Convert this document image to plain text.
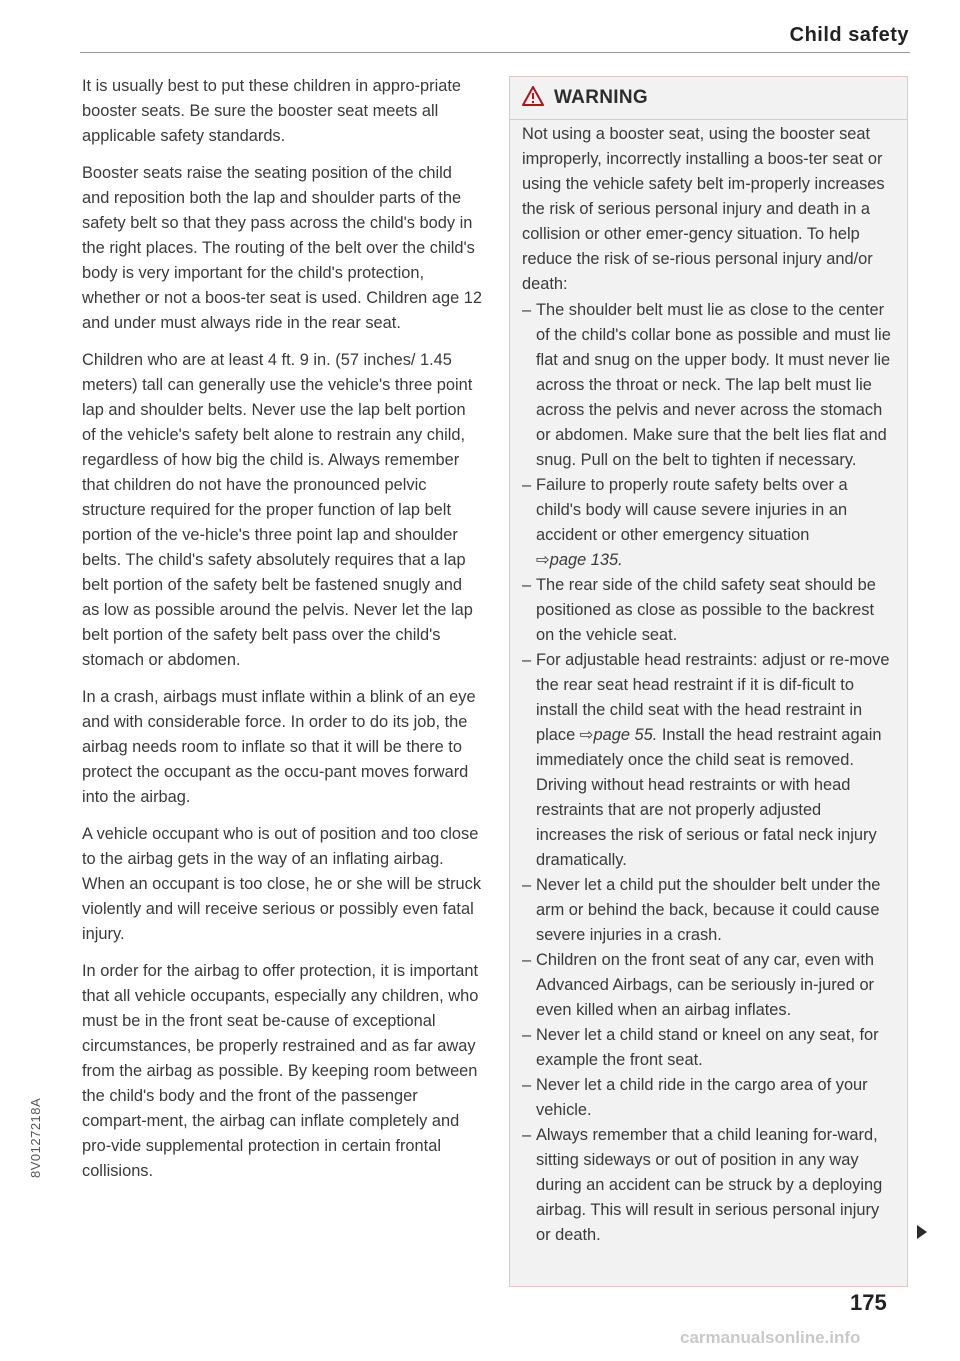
Child safety

It is usually best to put these children in appro-priate booster seats. Be sure the booster seat meets all applicable safety standards.

Booster seats raise the seating position of the child and reposition both the lap and shoulder parts of the safety belt so that they pass across the child's body in the right places. The routing of the belt over the child's body is very important for the child's protection, whether or not a boos-ter seat is used. Children age 12 and under must always ride in the rear seat.

Children who are at least 4 ft. 9 in. (57 inches/ 1.45 meters) tall can generally use the vehicle's three point lap and shoulder belts. Never use the lap belt portion of the vehicle's safety belt alone to restrain any child, regardless of how big the child is. Always remember that children do not have the pronounced pelvic structure required for the proper function of lap belt portion of the ve-hicle's three point lap and shoulder belts. The child's safety absolutely requires that a lap belt portion of the safety belt be fastened snugly and as low as possible around the pelvis. Never let the lap belt portion of the safety belt pass over the child's stomach or abdomen.

In a crash, airbags must inflate within a blink of an eye and with considerable force. In order to do its job, the airbag needs room to inflate so that it will be there to protect the occupant as the occu-pant moves forward into the airbag.

A vehicle occupant who is out of position and too close to the airbag gets in the way of an inflating airbag. When an occupant is too close, he or she will be struck violently and will receive serious or possibly even fatal injury.

In order for the airbag to offer protection, it is important that all vehicle occupants, especially any children, who must be in the front seat be-cause of exceptional circumstances, be properly restrained and as far away from the airbag as possible. By keeping room between the child's body and the front of the passenger compart-ment, the airbag can inflate completely and pro-vide supplemental protection in certain frontal collisions.

WARNING

Not using a booster seat, using the booster seat improperly, incorrectly installing a boos-ter seat or using the vehicle safety belt im-properly increases the risk of serious personal injury and death in a collision or other emer-gency situation. To help reduce the risk of se-rious personal injury and/or death:

– The shoulder belt must lie as close to the center of the child's collar bone as possible and must lie flat and snug on the upper body. It must never lie across the throat or neck. The lap belt must lie across the pelvis and never across the stomach or abdomen. Make sure that the belt lies flat and snug. Pull on the belt to tighten if necessary.
– Failure to properly route safety belts over a child's body will cause severe injuries in an accident or other emergency situation
⇨page 135.
– The rear side of the child safety seat should be positioned as close as possible to the backrest on the vehicle seat.
– For adjustable head restraints: adjust or re-move the rear seat head restraint if it is dif-ficult to install the child seat with the head restraint in place ⇨page 55. Install the head restraint again immediately once the child seat is removed. Driving without head restraints or with head restraints that are not properly adjusted increases the risk of serious or fatal neck injury dramatically.
– Never let a child put the shoulder belt under the arm or behind the back, because it could cause severe injuries in a crash.
– Children on the front seat of any car, even with Advanced Airbags, can be seriously in-jured or even killed when an airbag inflates.
– Never let a child stand or kneel on any seat, for example the front seat.
– Never let a child ride in the cargo area of your vehicle.
– Always remember that a child leaning for-ward, sitting sideways or out of position in any way during an accident can be struck by a deploying airbag. This will result in serious personal injury or death.
175
8V0127218A
carmanualsonline.info
